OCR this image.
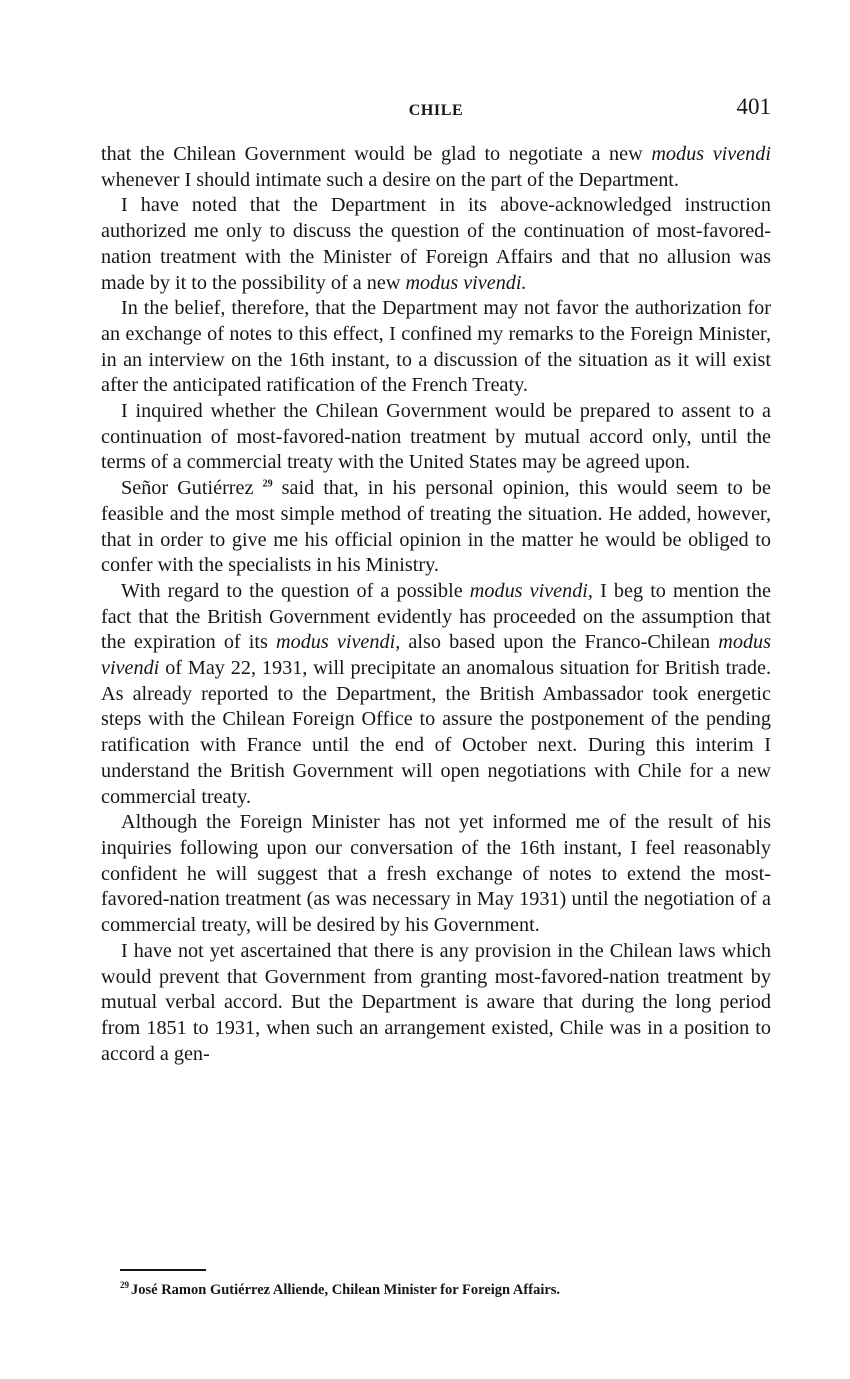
CHILE	401

that the Chilean Government would be glad to negotiate a new modus vivendi whenever I should intimate such a desire on the part of the Department.

I have noted that the Department in its above-acknowledged instruction authorized me only to discuss the question of the continuation of most-favored-nation treatment with the Minister of Foreign Affairs and that no allusion was made by it to the possibility of a new modus vivendi.

In the belief, therefore, that the Department may not favor the authorization for an exchange of notes to this effect, I confined my remarks to the Foreign Minister, in an interview on the 16th instant, to a discussion of the situation as it will exist after the anticipated ratification of the French Treaty.

I inquired whether the Chilean Government would be prepared to assent to a continuation of most-favored-nation treatment by mutual accord only, until the terms of a commercial treaty with the United States may be agreed upon.

Señor Gutiérrez $^{29}$ said that, in his personal opinion, this would seem to be feasible and the most simple method of treating the situation. He added, however, that in order to give me his official opinion in the matter he would be obliged to confer with the specialists in his Ministry.

With regard to the question of a possible modus vivendi, I beg to mention the fact that the British Government evidently has proceeded on the assumption that the expiration of its modus vivendi, also based upon the Franco-Chilean modus vivendi of May 22, 1931, will precipitate an anomalous situation for British trade. As already reported to the Department, the British Ambassador took energetic steps with the Chilean Foreign Office to assure the postponement of the pending ratification with France until the end of October next. During this interim I understand the British Government will open negotiations with Chile for a new commercial treaty.

Although the Foreign Minister has not yet informed me of the result of his inquiries following upon our conversation of the 16th instant, I feel reasonably confident he will suggest that a fresh exchange of notes to extend the most-favored-nation treatment (as was necessary in May 1931) until the negotiation of a commercial treaty, will be desired by his Government.

I have not yet ascertained that there is any provision in the Chilean laws which would prevent that Government from granting most-favored-nation treatment by mutual verbal accord. But the Department is aware that during the long period from 1851 to 1931, when such an arrangement existed, Chile was in a position to accord a gen-

$^{29}$ José Ramon Gutiérrez Alliende, Chilean Minister for Foreign Affairs.
